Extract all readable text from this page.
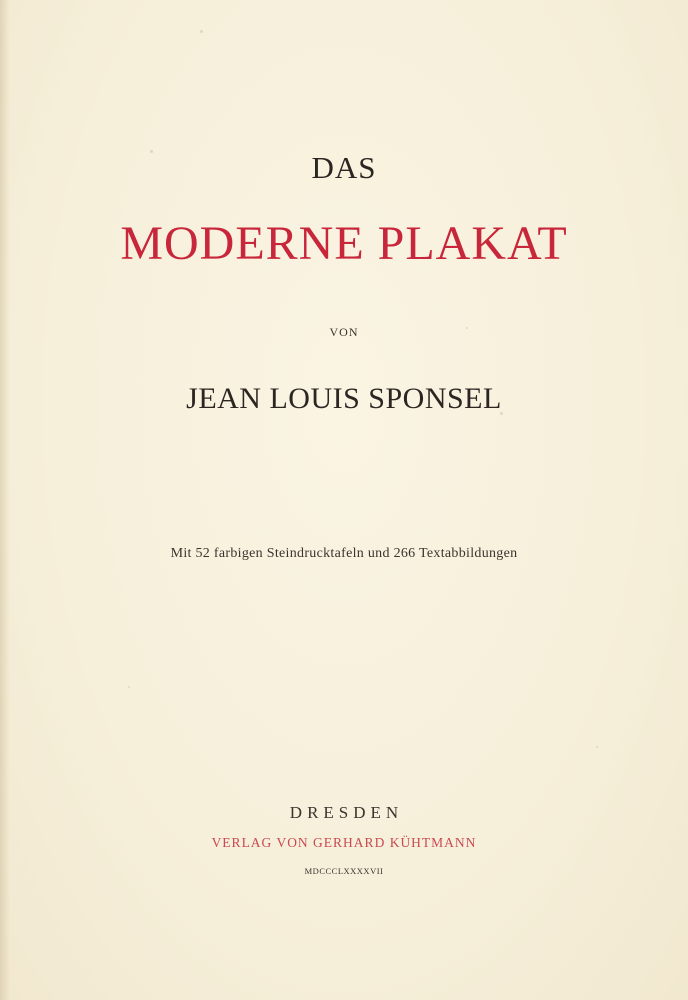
DAS
MODERNE PLAKAT
VON
JEAN LOUIS SPONSEL
Mit 52 farbigen Steindrucktafeln und 266 Textabbildungen
DRESDEN
VERLAG VON GERHARD KÜHTMANN
MDCCCLXXXXVII
